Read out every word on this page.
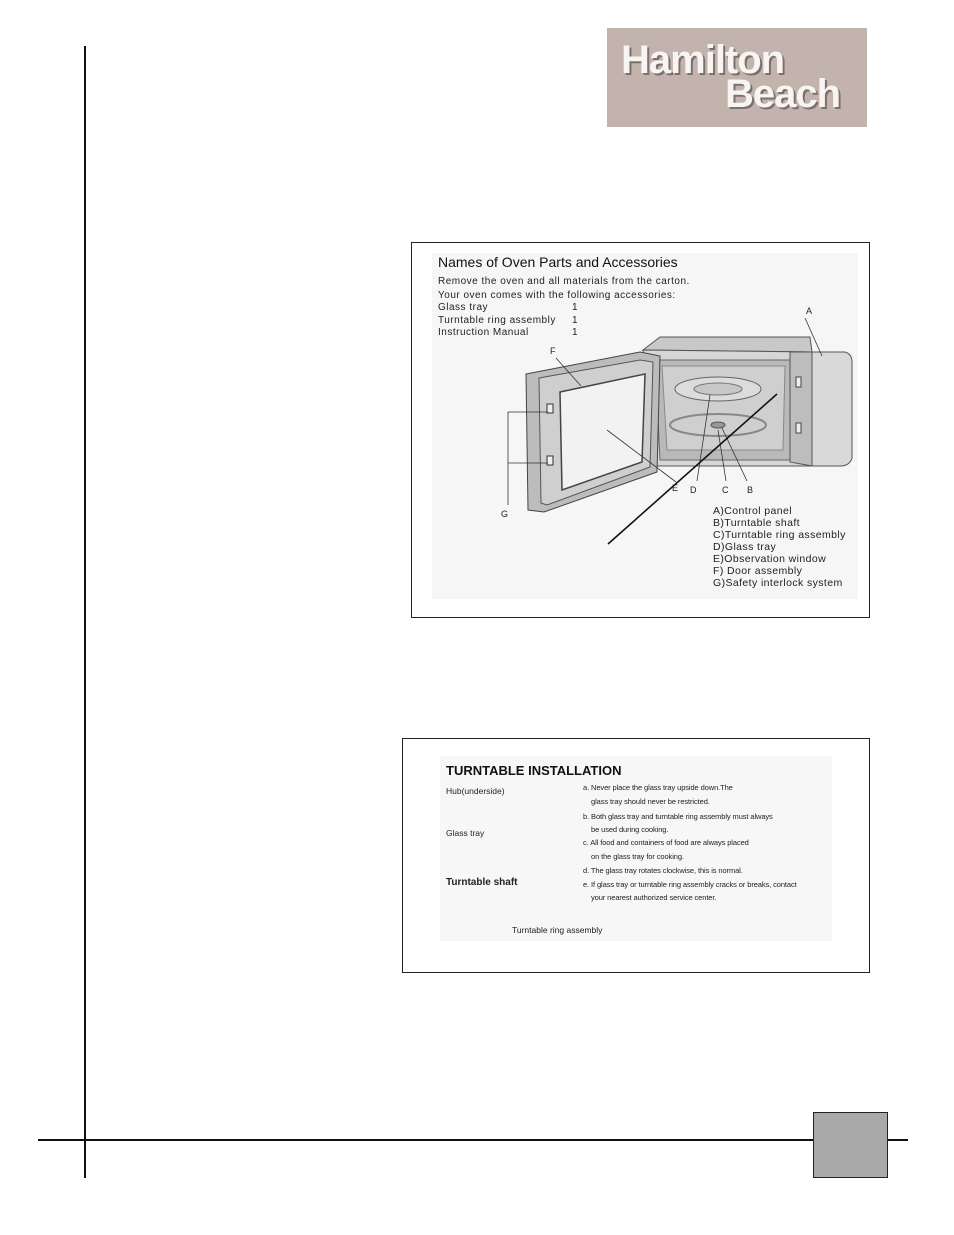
Hamilton
Beach
Names of Oven Parts and Accessories
Remove the oven and all materials from the carton.
Your oven comes with the following accessories:
Glass tray	1
Turntable ring assembly 1
Instruction Manual	1
A
F
G
E D	C B
A)Control panel
B)Turntable shaft
C)Turntable ring assembly
D)Glass tray
E)Observation window
F) Door assembly
G)Safety interlock system
TURNTABLE INSTALLATION
Hub(underside)
Glass tray
Turntable shaft
Turntable ring assembly
a. Never place the glass tray upside down.The
glass tray should never be restricted.
b. Both glass tray and turntable ring assembly must always
be used during cooking.
c. All food and containers of food are always placed
on the glass tray for cooking.
d. The glass tray rotates clockwise, this is normal.
e. If glass tray or turntable ring assembly cracks or breaks, contact
your nearest authorized service center.
